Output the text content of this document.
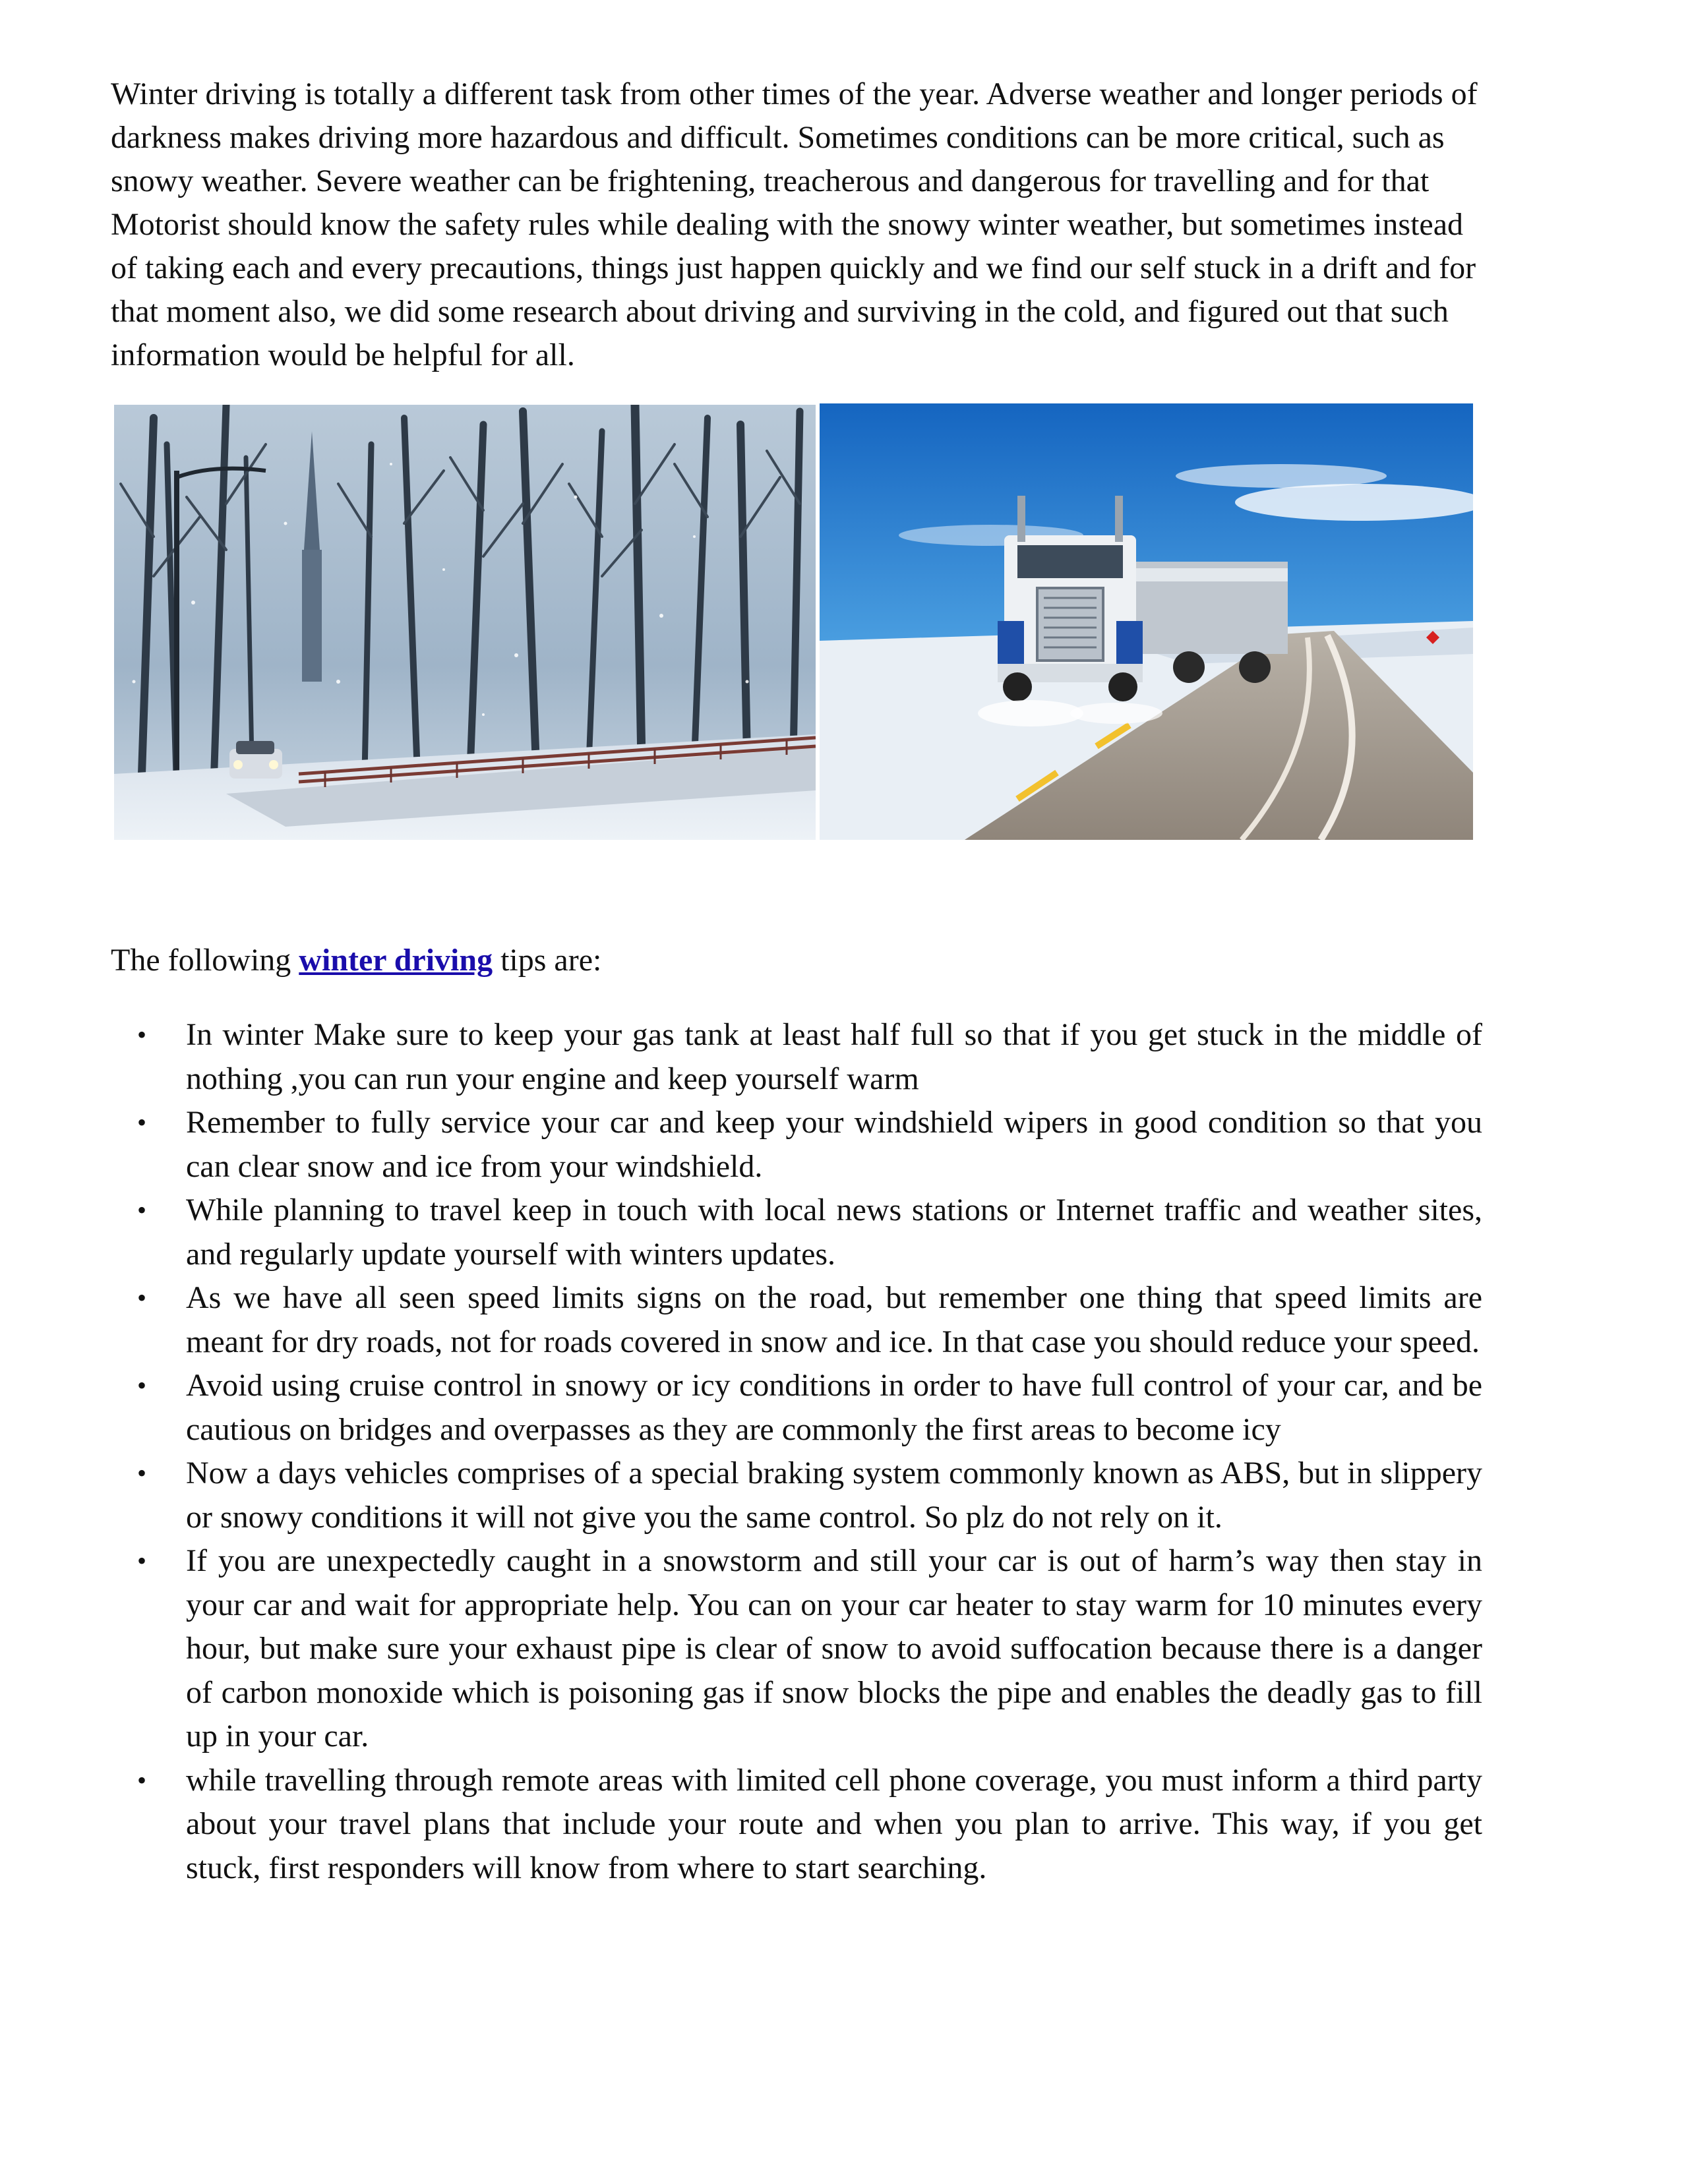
Winter driving is totally a different task from other times of the year. Adverse weather and longer periods of darkness makes driving more hazardous and difficult. Sometimes conditions can be more critical, such as snowy weather. Severe weather can be frightening, treacherous and dangerous for travelling and for that Motorist should know the safety rules while dealing with the snowy winter weather, but sometimes instead of taking each and every precautions, things just happen quickly and we find our self stuck in a drift and for that moment also, we did some research about driving and surviving in the cold, and figured out that such information would be helpful for all.

The following winter driving tips are:

• In winter Make sure to keep your gas tank at least half full so that if you get stuck in the middle of nothing ,you can run your engine and keep yourself warm
• Remember to fully service your car and keep your windshield wipers in good condition so that you can clear snow and ice from your windshield.
• While planning to travel keep in touch with local news stations or Internet traffic and weather sites, and regularly update yourself with winters updates.
• As we have all seen speed limits signs on the road, but remember one thing that speed limits are meant for dry roads, not for roads covered in snow and ice. In that case you should reduce your speed.
• Avoid using cruise control in snowy or icy conditions in order to have full control of your car, and be cautious on bridges and overpasses as they are commonly the first areas to become icy
• Now a days vehicles comprises of a special braking system commonly known as ABS, but in slippery or snowy conditions it will not give you the same control. So plz do not rely on it.
• If you are unexpectedly caught in a snowstorm and still your car is out of harm’s way then stay in your car and wait for appropriate help. You can on your car heater to stay warm for 10 minutes every hour, but make sure your exhaust pipe is clear of snow to avoid suffocation because there is a danger of carbon monoxide which is poisoning gas if snow blocks the pipe and enables the deadly gas to fill up in your car.
• while travelling through remote areas with limited cell phone coverage, you must inform a third party about your travel plans that include your route and when you plan to arrive. This way, if you get stuck, first responders will know from where to start searching.
